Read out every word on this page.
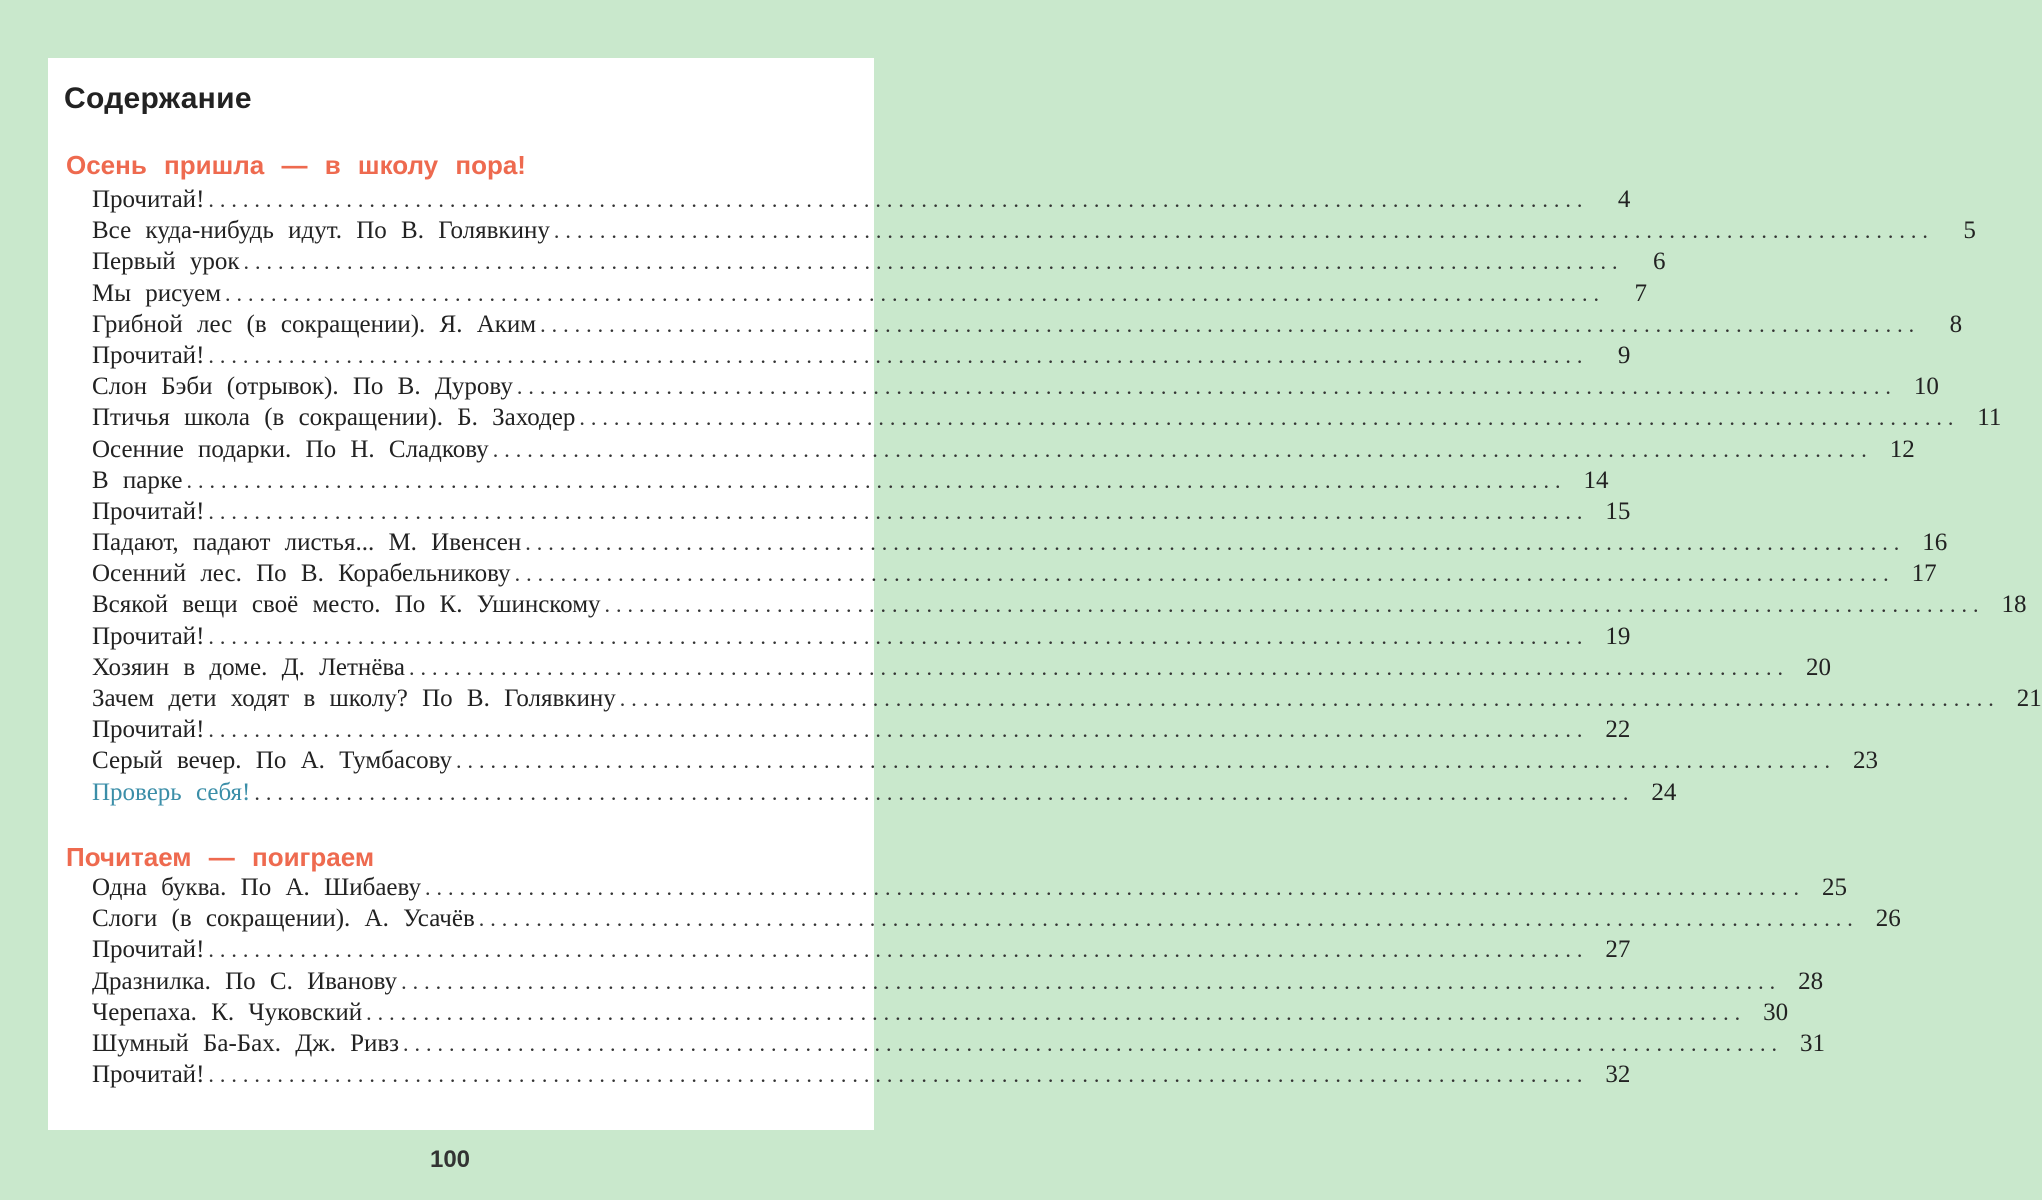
Содержание
Осень пришла — в школу пора!
Прочитай! ........................................................................................................................	4
Все куда-нибудь идут. По В. Голявкину ........................................................................................................................	5
Первый урок ........................................................................................................................	6
Мы рисуем ........................................................................................................................	7
Грибной лес (в сокращении). Я. Аким ........................................................................................................................	8
Прочитай! ........................................................................................................................	9
Слон Бэби (отрывок). По В. Дурову ........................................................................................................................ 10
Птичья школа (в сокращении). Б. Заходер ........................................................................................................................ 11
Осенние подарки. По Н. Сладкову ........................................................................................................................ 12
В парке ........................................................................................................................ 14
Прочитай! ........................................................................................................................ 15
Падают, падают листья... М. Ивенсен ........................................................................................................................ 16
Осенний лес. По В. Корабельникову ........................................................................................................................ 17
Всякой вещи своё место. По К. Ушинскому ........................................................................................................................ 18
Прочитай! ........................................................................................................................ 19
Хозяин в доме. Д. Летнёва ........................................................................................................................ 20
Зачем дети ходят в школу? По В. Голявкину ........................................................................................................................ 21
Прочитай! ........................................................................................................................ 22
Серый вечер. По А. Тумбасову ........................................................................................................................ 23
Проверь себя! ........................................................................................................................ 24
Почитаем — поиграем
Одна буква. По А. Шибаеву ........................................................................................................................ 25
Слоги (в сокращении). А. Усачёв ........................................................................................................................ 26
Прочитай! ........................................................................................................................ 27
Дразнилка. По С. Иванову ........................................................................................................................ 28
Черепаха. К. Чуковский ........................................................................................................................ 30
Шумный Ба-Бах. Дж. Ривз ........................................................................................................................ 31
Прочитай! ........................................................................................................................ 32
100
